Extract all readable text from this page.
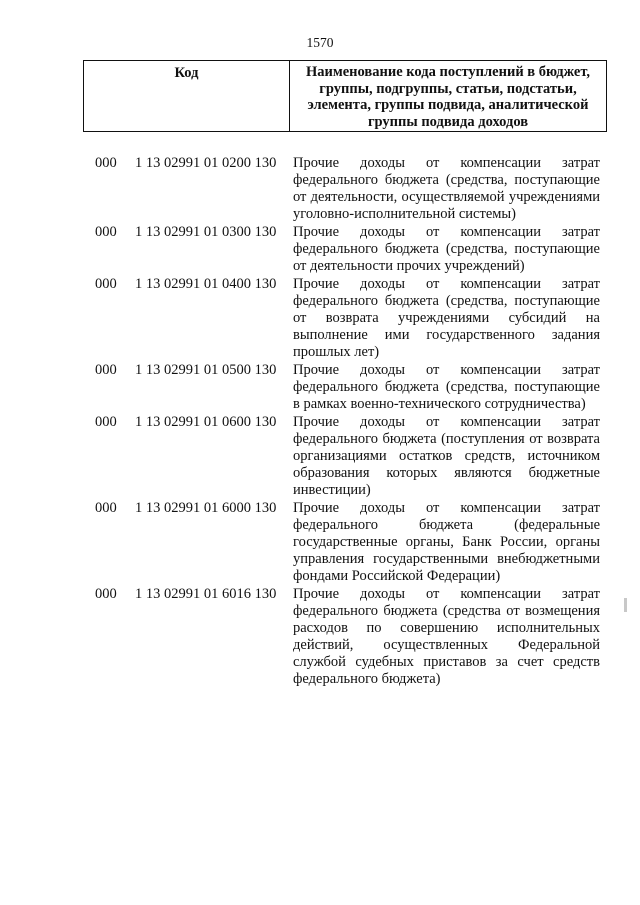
1570
Код	Наименование кода поступлений в бюджет, группы, подгруппы, статьи, подстатьи, элемента, группы подвида, аналитической группы подвида доходов
000 1 13 02991 01 0200 130 Прочие доходы от компенсации затрат федерального бюджета (средства, поступающие от деятельности, осуществляемой учреждениями уголовно-исполнительной системы)
000 1 13 02991 01 0300 130 Прочие доходы от компенсации затрат федерального бюджета (средства, поступающие от деятельности прочих учреждений)
000 1 13 02991 01 0400 130 Прочие доходы от компенсации затрат федерального бюджета (средства, поступающие от возврата учреждениями субсидий на выполнение ими государственного задания прошлых лет)
000 1 13 02991 01 0500 130 Прочие доходы от компенсации затрат федерального бюджета (средства, поступающие в рамках военно-технического сотрудничества)
000 1 13 02991 01 0600 130 Прочие доходы от компенсации затрат федерального бюджета (поступления от возврата организациями остатков средств, источником образования которых являются бюджетные инвестиции)
000 1 13 02991 01 6000 130 Прочие доходы от компенсации затрат федерального бюджета (федеральные государственные органы, Банк России, органы управления государственными внебюджетными фондами Российской Федерации)
000 1 13 02991 01 6016 130 Прочие доходы от компенсации затрат федерального бюджета (средства от возмещения расходов по совершению исполнительных действий, осуществленных Федеральной службой судебных приставов за счет средств федерального бюджета)
